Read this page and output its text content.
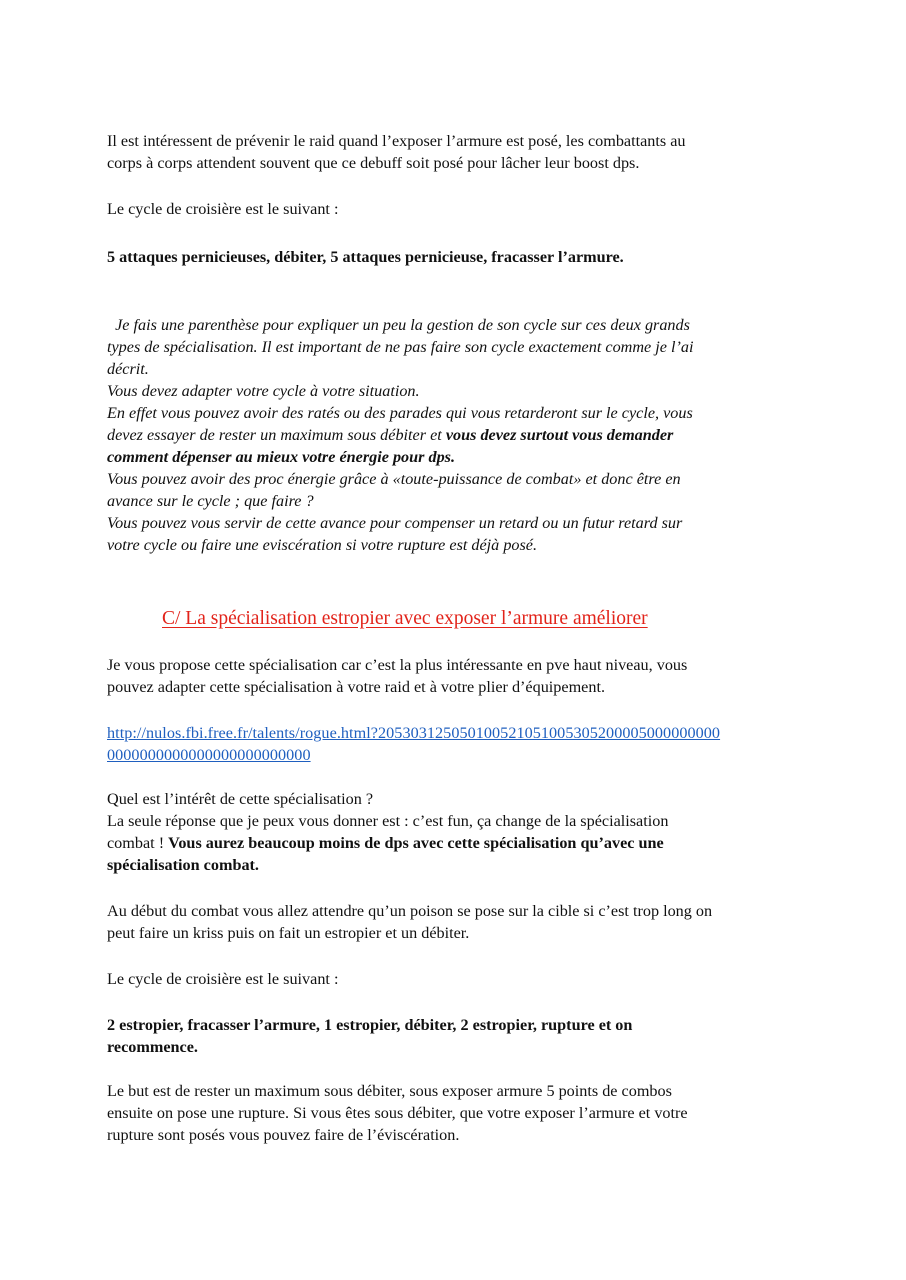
Il est intéressent de prévenir le raid quand l’exposer l’armure est posé, les combattants au
corps à corps attendent souvent que ce debuff soit posé pour lâcher leur boost dps.

Le cycle de croisière est le suivant :

5 attaques pernicieuses, débiter, 5 attaques pernicieuse, fracasser l’armure.

Je fais une parenthèse pour expliquer un peu la gestion de son cycle sur ces deux grands
types de spécialisation. Il est important de ne pas faire son cycle exactement comme je l’ai
décrit.
Vous devez adapter votre cycle à votre situation.
En effet vous pouvez avoir des ratés ou des parades qui vous retarderont sur le cycle, vous
devez essayer de rester un maximum sous débiter et vous devez surtout vous demander
comment dépenser au mieux votre énergie pour dps.
Vous pouvez avoir des proc énergie grâce à «toute-puissance de combat» et donc être en
avance sur le cycle ; que faire ?
Vous pouvez vous servir de cette avance pour compenser un retard ou un futur retard sur
votre cycle ou faire une eviscération si votre rupture est déjà posé.

C/ La spécialisation estropier avec exposer l’armure améliorer

Je vous propose cette spécialisation car c’est la plus intéressante en pve haut niveau, vous
pouvez adapter cette spécialisation à votre raid et à votre plier d’équipement.

http://nulos.fbi.free.fr/talents/rogue.html?205303125050100521051005305200005000000000
0000000000000000000000000

Quel est l’intérêt de cette spécialisation ?
La seule réponse que je peux vous donner est : c’est fun, ça change de la spécialisation
combat ! Vous aurez beaucoup moins de dps avec cette spécialisation qu’avec une
spécialisation combat.

Au début du combat vous allez attendre qu’un poison se pose sur la cible si c’est trop long on
peut faire un kriss puis on fait un estropier et un débiter.

Le cycle de croisière est le suivant :

2 estropier, fracasser l’armure, 1 estropier, débiter, 2 estropier, rupture et on
recommence.

Le but est de rester un maximum sous débiter, sous exposer armure 5 points de combos
ensuite on pose une rupture. Si vous êtes sous débiter, que votre exposer l’armure et votre
rupture sont posés vous pouvez faire de l’éviscération.
